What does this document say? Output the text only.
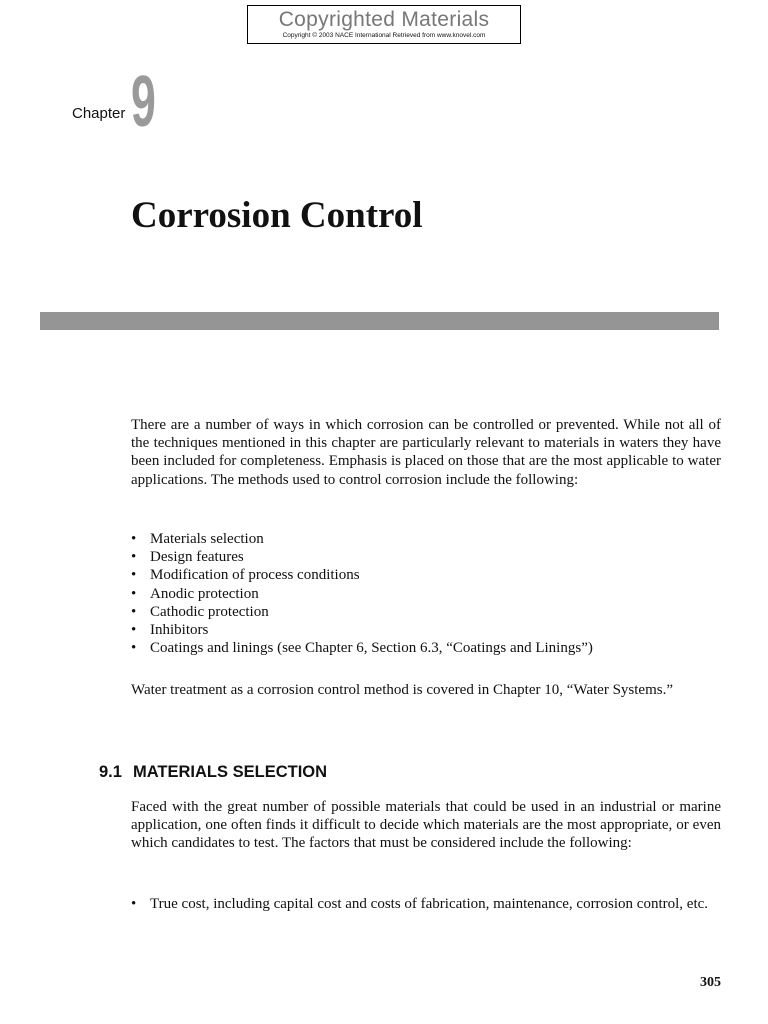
Copyrighted Materials
Copyright © 2003 NACE International Retrieved from www.knovel.com
Chapter 9
Corrosion Control

There are a number of ways in which corrosion can be controlled or prevented. While not all of the techniques mentioned in this chapter are particularly relevant to materials in waters they have been included for completeness. Emphasis is placed on those that are the most applicable to water applications. The methods used to control corrosion include the following:

• Materials selection
• Design features
• Modification of process conditions
• Anodic protection
• Cathodic protection
• Inhibitors
• Coatings and linings (see Chapter 6, Section 6.3, “Coatings and Linings”)

Water treatment as a corrosion control method is covered in Chapter 10, “Water Systems.”

9.1 MATERIALS SELECTION

Faced with the great number of possible materials that could be used in an industrial or marine application, one often finds it difficult to decide which materials are the most appropriate, or even which candidates to test. The factors that must be considered include the following:

• True cost, including capital cost and costs of fabrication, maintenance, corrosion control, etc.
305
